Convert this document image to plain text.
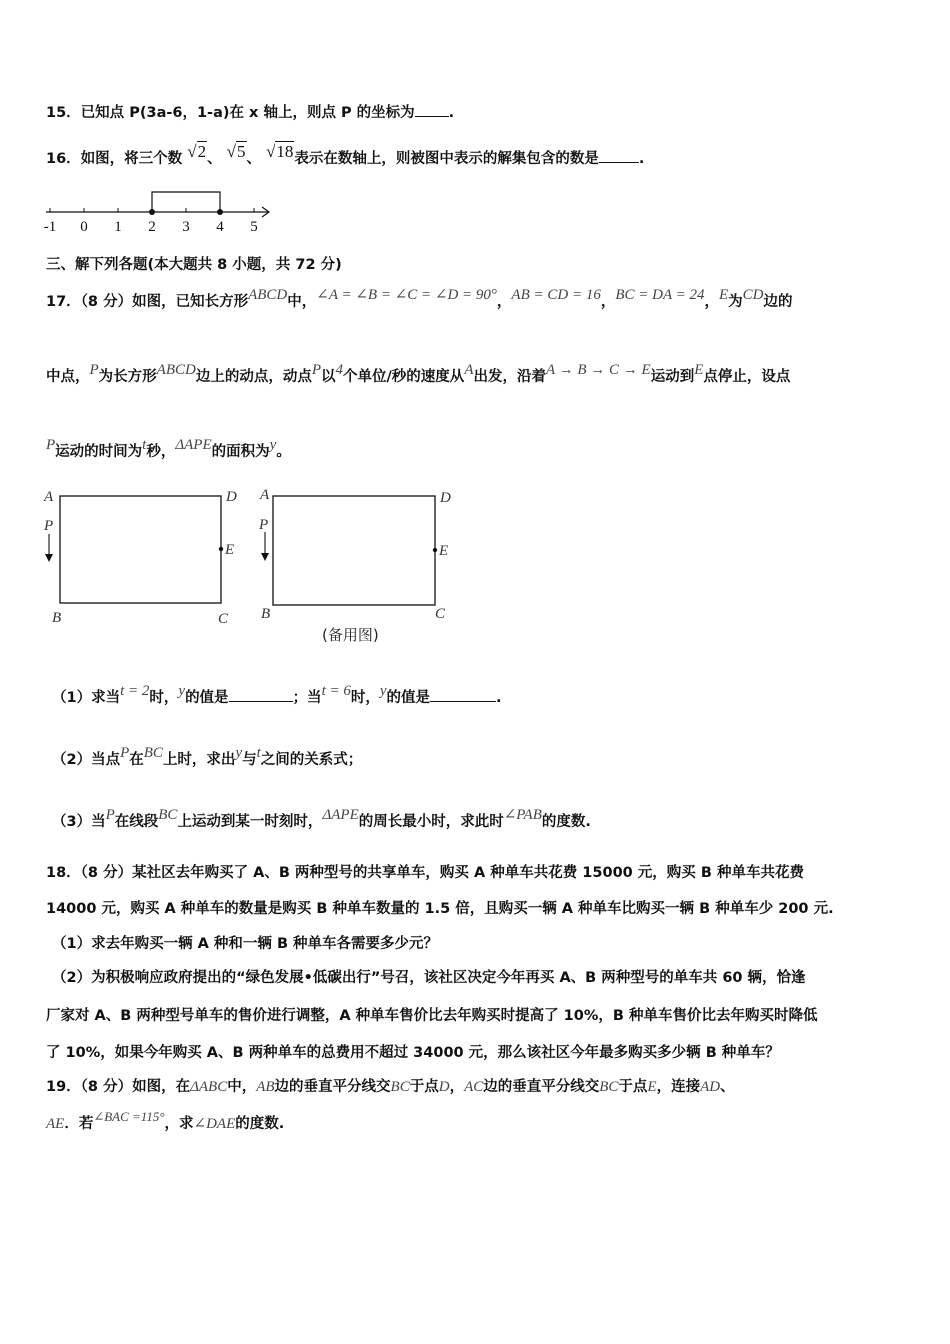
15．已知点 P(3a-6，1-a)在 x 轴上，则点 P 的坐标为 .
16．如图，将三个数 √2、 √5、 √18表示在数轴上，则被图中表示的解集包含的数是	.
-1 0 1 2 3 4 5
三、解下列各题(本大题共 8 小题，共 72 分)
17．（8 分）如图，已知长方形ABCD中，∠A = ∠B = ∠C = ∠D = 90°，AB = CD = 16，BC = DA = 24，E为CD边的
中点，P为长方形ABCD边上的动点，动点P以4个单位/秒的速度从A出发，沿着A → B → C → E运动到E点停止，设点
P运动的时间为t秒，ΔAPE的面积为y。
A	D
E
P
B	C
A	D
E
P
B	C
(备用图)
（1）求当t = 2时，y的值是	；当t = 6时，y的值是	.
（2）当点P在BC上时，求出y与t之间的关系式；
（3）当P在线段BC上运动到某一时刻时，ΔAPE的周长最小时，求此时∠PAB的度数.
18．（8 分）某社区去年购买了 A、B 两种型号的共享单车，购买 A 种单车共花费 15000 元，购买 B 种单车共花费
14000 元，购买 A 种单车的数量是购买 B 种单车数量的 1.5 倍，且购买一辆 A 种单车比购买一辆 B 种单车少 200 元.
（1）求去年购买一辆 A 种和一辆 B 种单车各需要多少元？
（2）为积极响应政府提出的“绿色发展•低碳出行”号召，该社区决定今年再买 A、B 两种型号的单车共 60 辆，恰逢
厂家对 A、B 两种型号单车的售价进行调整，A 种单车售价比去年购买时提高了 10%，B 种单车售价比去年购买时降低
了 10%，如果今年购买 A、B 两种单车的总费用不超过 34000 元，那么该社区今年最多购买多少辆 B 种单车？
19．（8 分）如图，在ΔABC中，AB边的垂直平分线交BC于点D，AC边的垂直平分线交BC于点E，连接AD、
AE．若∠BAC =115°，求∠DAE的度数.
